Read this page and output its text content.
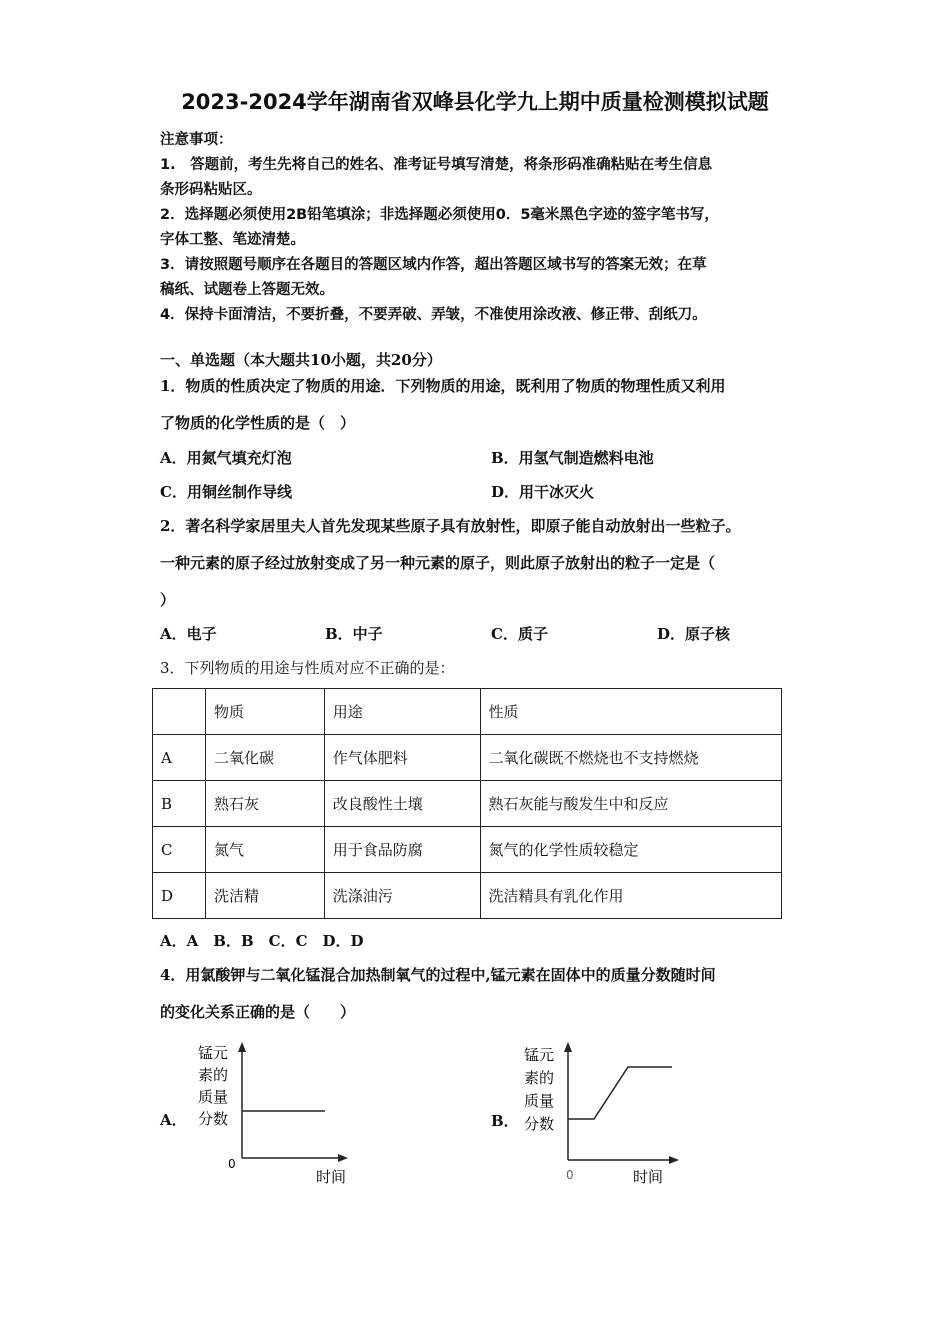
2023-2024学年湖南省双峰县化学九上期中质量检测模拟试题
注意事项：
1.　答题前，考生先将自己的姓名、准考证号填写清楚，将条形码准确粘贴在考生信息
条形码粘贴区。
2．选择题必须使用2B铅笔填涂；非选择题必须使用0．5毫米黑色字迹的签字笔书写，
字体工整、笔迹清楚。
3．请按照题号顺序在各题目的答题区域内作答，超出答题区域书写的答案无效；在草
稿纸、试题卷上答题无效。
4．保持卡面清洁，不要折叠，不要弄破、弄皱，不准使用涂改液、修正带、刮纸刀。
一、单选题（本大题共10小题，共20分）
1．物质的性质决定了物质的用途．下列物质的用途，既利用了物质的物理性质又利用
了物质的化学性质的是（　）
A．用氮气填充灯泡	B．用氢气制造燃料电池
C．用铜丝制作导线	D．用干冰灭火
2．著名科学家居里夫人首先发现某些原子具有放射性，即原子能自动放射出一些粒子。
一种元素的原子经过放射变成了另一种元素的原子，则此原子放射出的粒子一定是（
）
A．电子	B．中子	C．质子	D．原子核
3．下列物质的用途与性质对应不正确的是：
	物质	用途	性质
A	二氧化碳	作气体肥料	二氧化碳既不燃烧也不支持燃烧
B	熟石灰	改良酸性土壤	熟石灰能与酸发生中和反应
C	氮气	用于食品防腐	氮气的化学性质较稳定
D	洗洁精	洗涤油污	洗洁精具有乳化作用
A．A　B．B　C．C　D．D
4．用氯酸钾与二氧化锰混合加热制氧气的过程中,锰元素在固体中的质量分数随时间
的变化关系正确的是（　　）
A．
锰元
素的
质量
分数
0
时间
B．
锰元
素的
质量
分数
0	时间
